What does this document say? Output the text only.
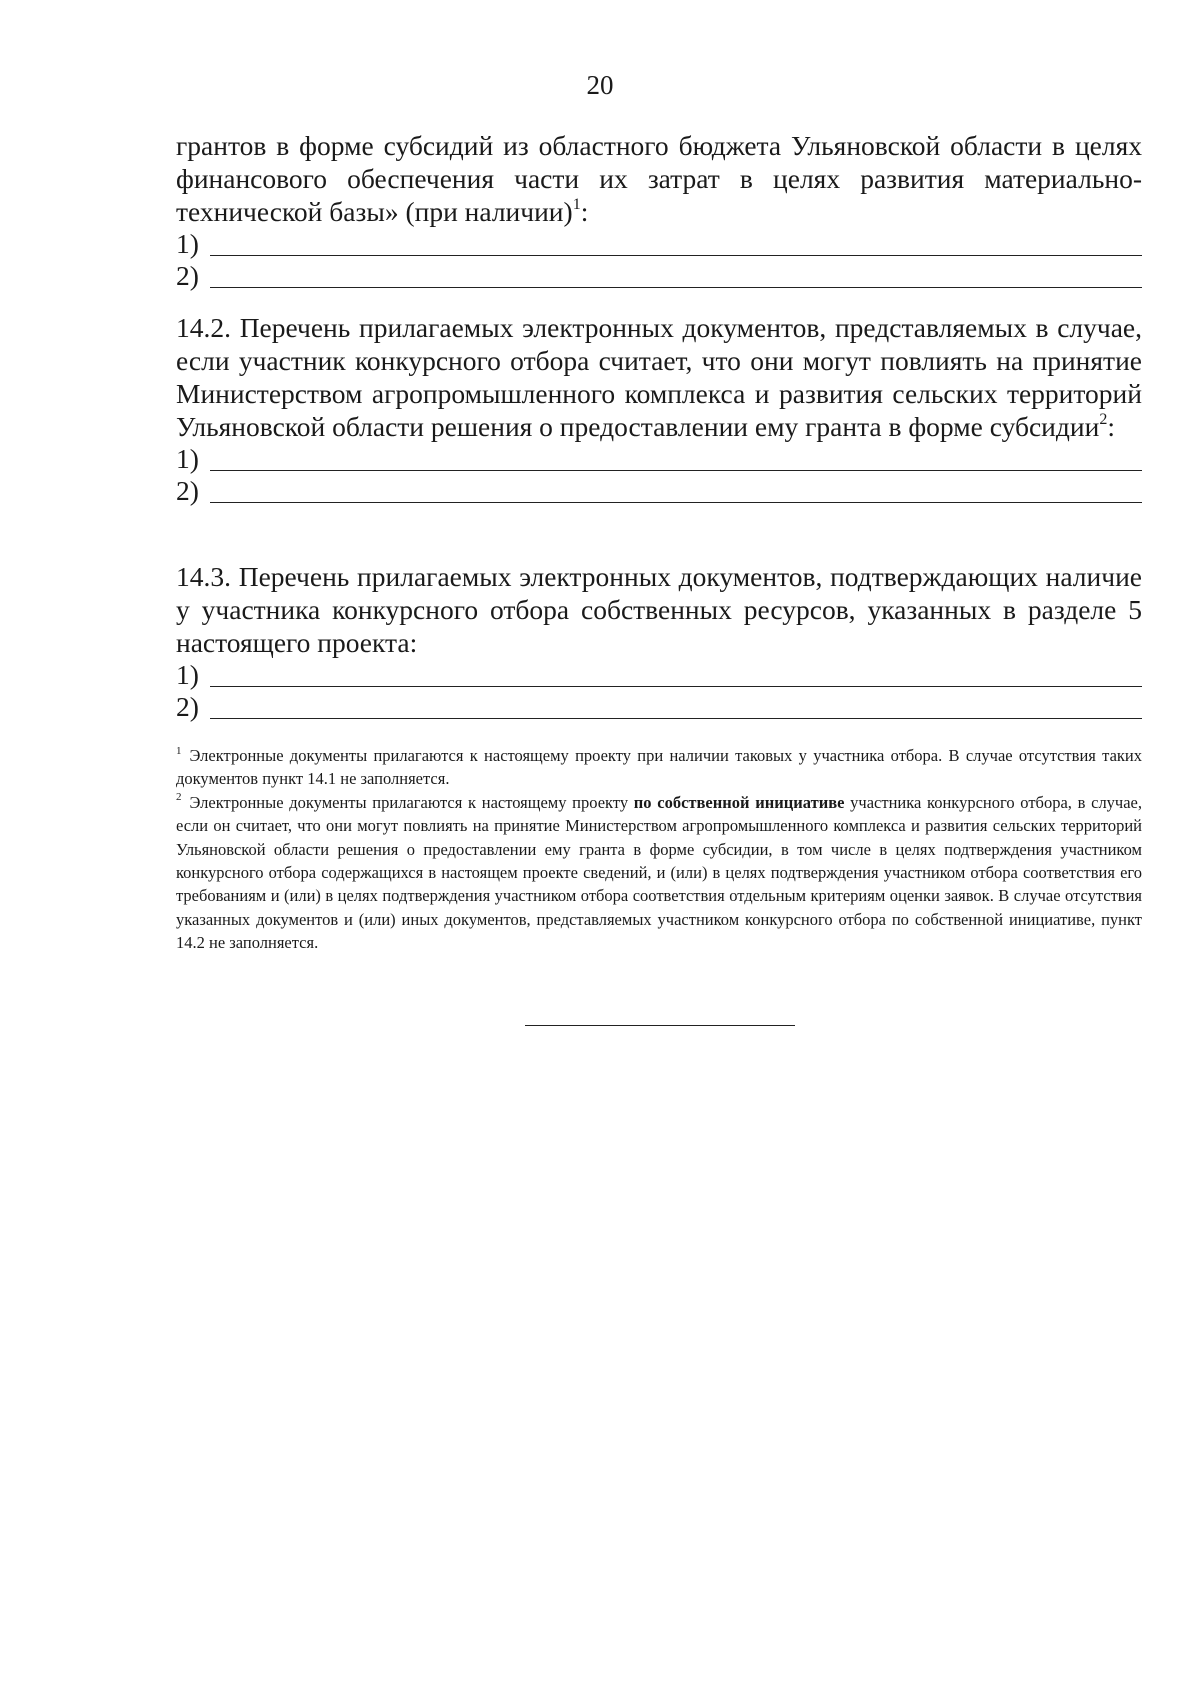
20

грантов в форме субсидий из областного бюджета Ульяновской области в целях финансового обеспечения части их затрат в целях развития материально-технической базы» (при наличии)$^1$:

1)
2)

14.2. Перечень прилагаемых электронных документов, представляемых в случае, если участник конкурсного отбора считает, что они могут повлиять на принятие Министерством агропромышленного комплекса и развития сельских территорий Ульяновской области решения о предоставлении ему гранта в форме субсидии$^2$:

1)
2)

14.3. Перечень прилагаемых электронных документов, подтверждающих наличие у участника конкурсного отбора собственных ресурсов, указанных в разделе 5 настоящего проекта:

1)
2)

$^1$ Электронные документы прилагаются к настоящему проекту при наличии таковых у участника отбора. В случае отсутствия таких документов пункт 14.1 не заполняется.

$^2$ Электронные документы прилагаются к настоящему проекту по собственной инициативе участника конкурсного отбора, в случае, если он считает, что они могут повлиять на принятие Министерством агропромышленного комплекса и развития сельских территорий Ульяновской области решения о предоставлении ему гранта в форме субсидии, в том числе в целях подтверждения участником конкурсного отбора содержащихся в настоящем проекте сведений, и (или) в целях подтверждения участником отбора соответствия его требованиям и (или) в целях подтверждения участником отбора соответствия отдельным критериям оценки заявок. В случае отсутствия указанных документов и (или) иных документов, представляемых участником конкурсного отбора по собственной инициативе, пункт 14.2 не заполняется.
